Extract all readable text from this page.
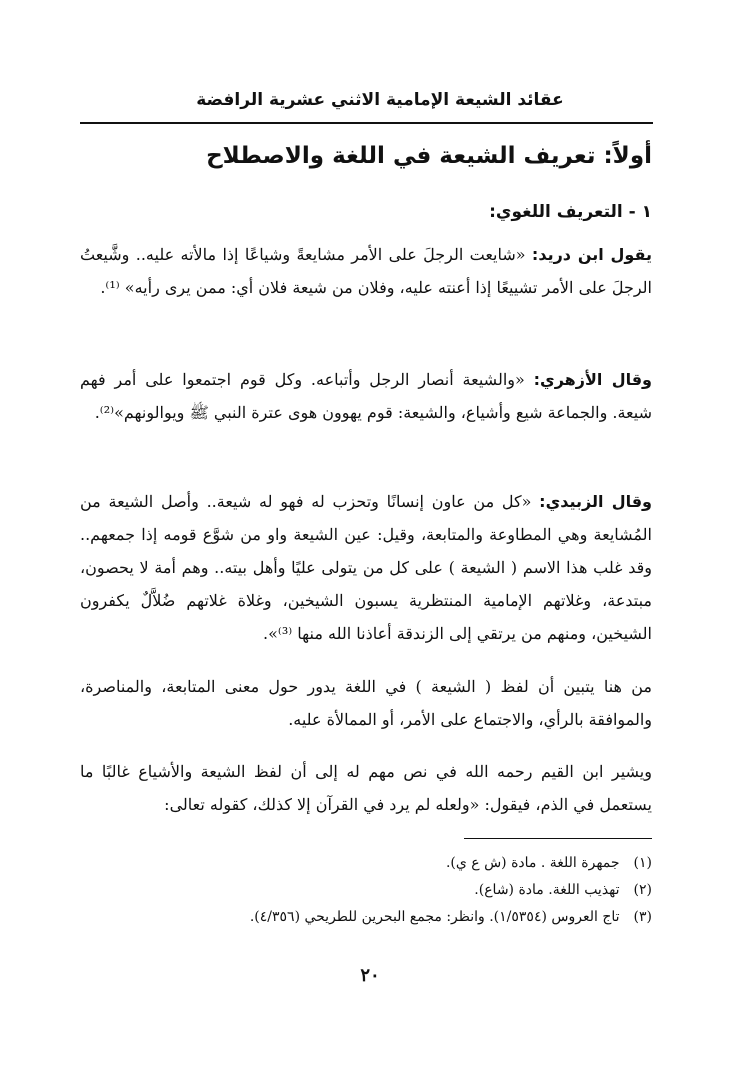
عقائد الشيعة الإمامية الاثني عشرية الرافضة
أولاً: تعريف الشيعة في اللغة والاصطلاح
١ - التعريف اللغوي:
يقول ابن دريد: «شايعت الرجلَ على الأمر مشايعةً وشياعًا إذا مالأته عليه.. وشَّيعتُ الرجلَ على الأمر تشييعًا إذا أعنته عليه، وفلان من شيعة فلان أي: ممن يرى رأيه» ⁽¹⁾.
وقال الأزهري: «والشيعة أنصار الرجل وأتباعه. وكل قوم اجتمعوا على أمر فهم شيعة. والجماعة شيع وأشياع، والشيعة: قوم يهوون هوى عترة النبي ﷺ ويوالونهم»⁽²⁾.
وقال الزبيدي: «كل من عاون إنسانًا وتحزب له فهو له شيعة.. وأصل الشيعة من المُشايعة وهي المطاوعة والمتابعة، وقيل: عين الشيعة واو من شوَّع قومه إذا جمعهم.. وقد غلب هذا الاسم ( الشيعة ) على كل من يتولى عليًا وأهل بيته.. وهم أمة لا يحصون، مبتدعة، وغلاتهم الإمامية المنتظرية يسبون الشيخين، وغلاة غلاتهم ضُلاَّلٌ يكفرون الشيخين، ومنهم من يرتقي إلى الزندقة أعاذنا الله منها ⁽³⁾».
من هنا يتبين أن لفظ ( الشيعة ) في اللغة يدور حول معنى المتابعة، والمناصرة، والموافقة بالرأي، والاجتماع على الأمر، أو الممالأة عليه.
ويشير ابن القيم رحمه الله في نص مهم له إلى أن لفظ الشيعة والأشياع غالبًا ما يستعمل في الذم، فيقول: «ولعله لم يرد في القرآن إلا كذلك، كقوله تعالى:
(١)جمهرة اللغة . مادة (ش ع ي).
(٢)تهذيب اللغة. مادة (شاع).
(٣)تاج العروس (١/٥٣٥٤). وانظر: مجمع البحرين للطريحي (٤/٣٥٦).
٢٠
